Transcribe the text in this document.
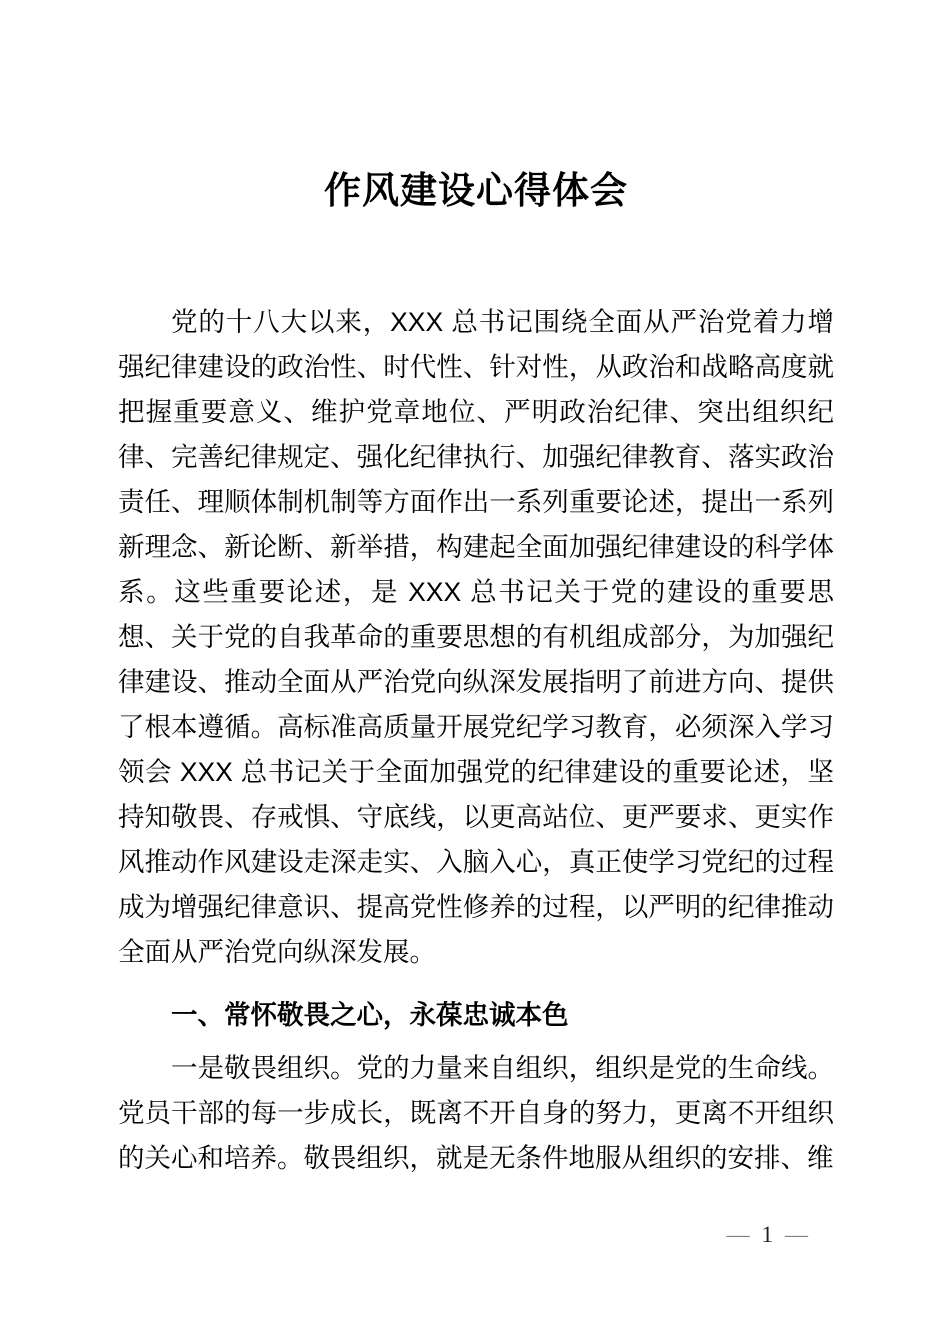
作风建设心得体会

党的十八大以来，XXX 总书记围绕全面从严治党着力增强纪律建设的政治性、时代性、针对性，从政治和战略高度就把握重要意义、维护党章地位、严明政治纪律、突出组织纪律、完善纪律规定、强化纪律执行、加强纪律教育、落实政治责任、理顺体制机制等方面作出一系列重要论述，提出一系列新理念、新论断、新举措，构建起全面加强纪律建设的科学体系。这些重要论述，是 XXX 总书记关于党的建设的重要思想、关于党的自我革命的重要思想的有机组成部分，为加强纪律建设、推动全面从严治党向纵深发展指明了前进方向、提供了根本遵循。高标准高质量开展党纪学习教育，必须深入学习领会 XXX 总书记关于全面加强党的纪律建设的重要论述，坚持知敬畏、存戒惧、守底线，以更高站位、更严要求、更实作风推动作风建设走深走实、入脑入心，真正使学习党纪的过程成为增强纪律意识、提高党性修养的过程，以严明的纪律推动全面从严治党向纵深发展。

一、常怀敬畏之心，永葆忠诚本色

一是敬畏组织。党的力量来自组织，组织是党的生命线。党员干部的每一步成长，既离不开自身的努力，更离不开组织的关心和培养。敬畏组织，就是无条件地服从组织的安排、维

— 1 —
